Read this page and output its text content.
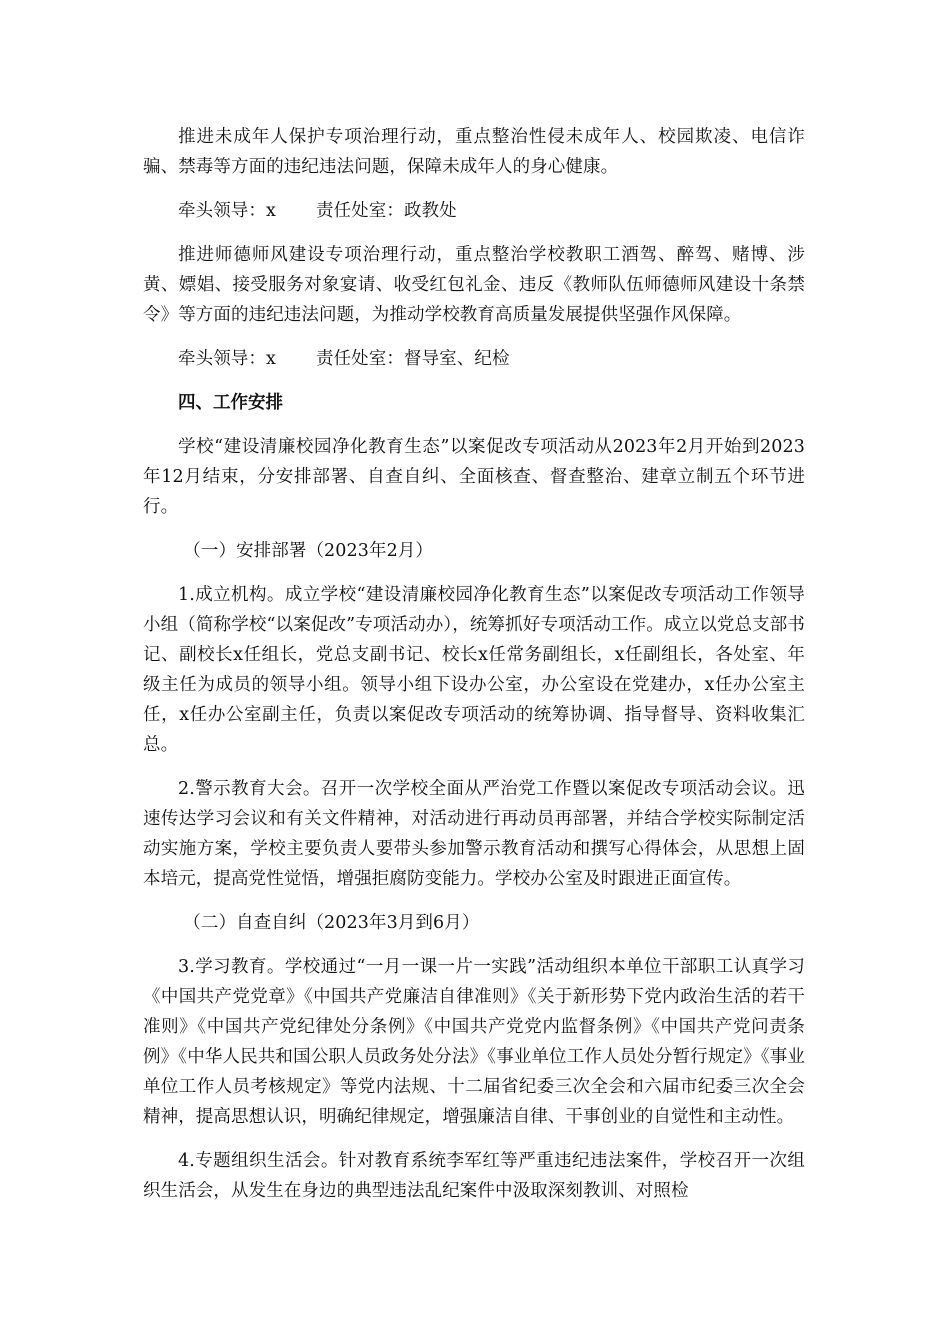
推进未成年人保护专项治理行动，重点整治性侵未成年人、校园欺凌、电信诈骗、禁毒等方面的违纪违法问题，保障未成年人的身心健康。

牵头领导：x 责任处室：政教处

推进师德师风建设专项治理行动，重点整治学校教职工酒驾、醉驾、赌博、涉黄、嫖娼、接受服务对象宴请、收受红包礼金、违反《教师队伍师德师风建设十条禁令》等方面的违纪违法问题，为推动学校教育高质量发展提供坚强作风保障。

牵头领导：x 责任处室：督导室、纪检

四、工作安排

学校“建设清廉校园净化教育生态”以案促改专项活动从2023年2月开始到2023年12月结束，分安排部署、自查自纠、全面核查、督查整治、建章立制五个环节进行。

（一）安排部署（2023年2月）

1.成立机构。成立学校“建设清廉校园净化教育生态”以案促改专项活动工作领导小组（简称学校“以案促改”专项活动办），统筹抓好专项活动工作。成立以党总支部书记、副校长x任组长，党总支副书记、校长x任常务副组长，x任副组长，各处室、年级主任为成员的领导小组。领导小组下设办公室，办公室设在党建办，x任办公室主任，x任办公室副主任，负责以案促改专项活动的统筹协调、指导督导、资料收集汇总。

2.警示教育大会。召开一次学校全面从严治党工作暨以案促改专项活动会议。迅速传达学习会议和有关文件精神，对活动进行再动员再部署，并结合学校实际制定活动实施方案，学校主要负责人要带头参加警示教育活动和撰写心得体会，从思想上固本培元，提高党性觉悟，增强拒腐防变能力。学校办公室及时跟进正面宣传。

（二）自查自纠（2023年3月到6月）

3.学习教育。学校通过“一月一课一片一实践”活动组织本单位干部职工认真学习《中国共产党党章》《中国共产党廉洁自律准则》《关于新形势下党内政治生活的若干准则》《中国共产党纪律处分条例》《中国共产党党内监督条例》《中国共产党问责条例》《中华人民共和国公职人员政务处分法》《事业单位工作人员处分暂行规定》《事业单位工作人员考核规定》等党内法规、十二届省纪委三次全会和六届市纪委三次全会精神，提高思想认识，明确纪律规定，增强廉洁自律、干事创业的自觉性和主动性。

4.专题组织生活会。针对教育系统李军红等严重违纪违法案件，学校召开一次组织生活会，从发生在身边的典型违法乱纪案件中汲取深刻教训、对照检
